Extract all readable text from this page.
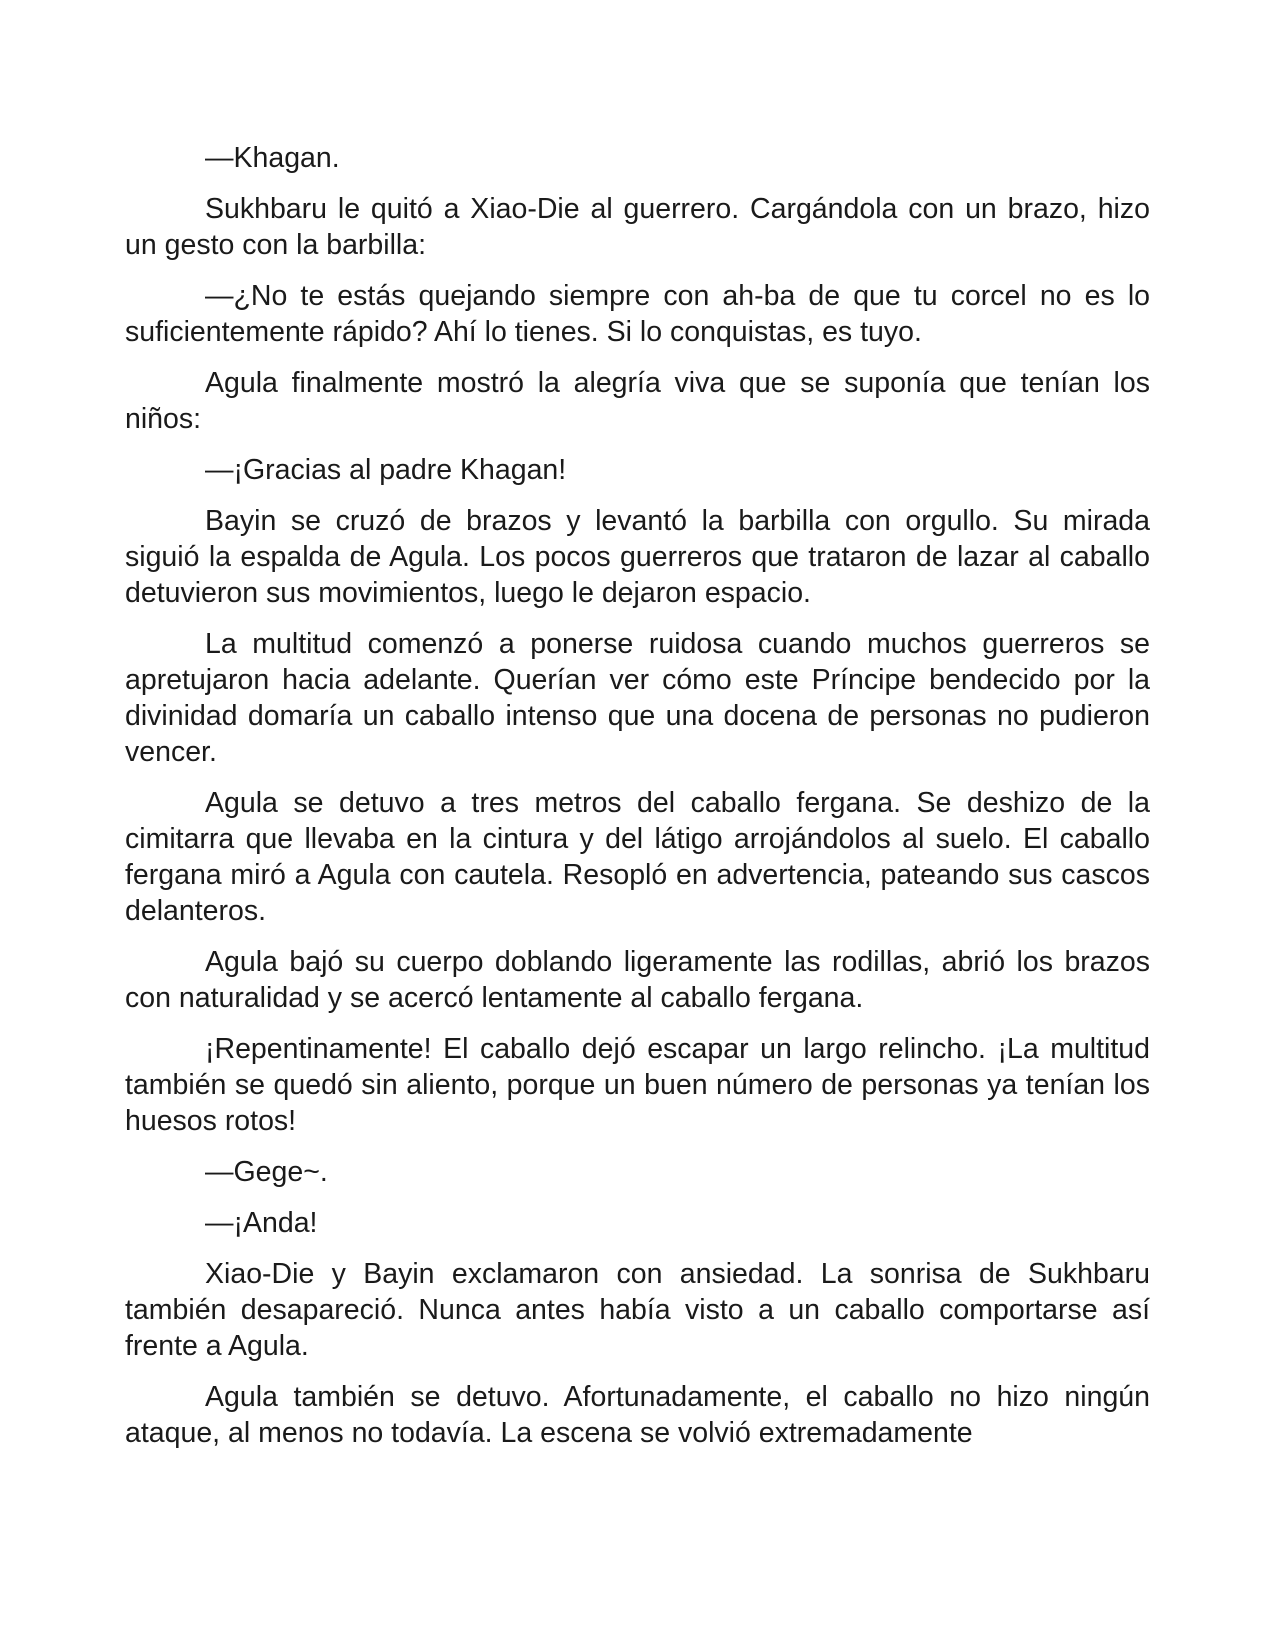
—Khagan.

Sukhbaru le quitó a Xiao-Die al guerrero. Cargándola con un brazo, hizo un gesto con la barbilla:

—¿No te estás quejando siempre con ah-ba de que tu corcel no es lo suficientemente rápido? Ahí lo tienes. Si lo conquistas, es tuyo.

Agula finalmente mostró la alegría viva que se suponía que tenían los niños:

—¡Gracias al padre Khagan!

Bayin se cruzó de brazos y levantó la barbilla con orgullo. Su mirada siguió la espalda de Agula. Los pocos guerreros que trataron de lazar al caballo detuvieron sus movimientos, luego le dejaron espacio.

La multitud comenzó a ponerse ruidosa cuando muchos guerreros se apretujaron hacia adelante. Querían ver cómo este Príncipe bendecido por la divinidad domaría un caballo intenso que una docena de personas no pudieron vencer.

Agula se detuvo a tres metros del caballo fergana. Se deshizo de la cimitarra que llevaba en la cintura y del látigo arrojándolos al suelo. El caballo fergana miró a Agula con cautela. Resopló en advertencia, pateando sus cascos delanteros.

Agula bajó su cuerpo doblando ligeramente las rodillas, abrió los brazos con naturalidad y se acercó lentamente al caballo fergana.

¡Repentinamente! El caballo dejó escapar un largo relincho. ¡La multitud también se quedó sin aliento, porque un buen número de personas ya tenían los huesos rotos!

—Gege~.

—¡Anda!

Xiao-Die y Bayin exclamaron con ansiedad. La sonrisa de Sukhbaru también desapareció. Nunca antes había visto a un caballo comportarse así frente a Agula.

Agula también se detuvo. Afortunadamente, el caballo no hizo ningún ataque, al menos no todavía. La escena se volvió extremadamente
